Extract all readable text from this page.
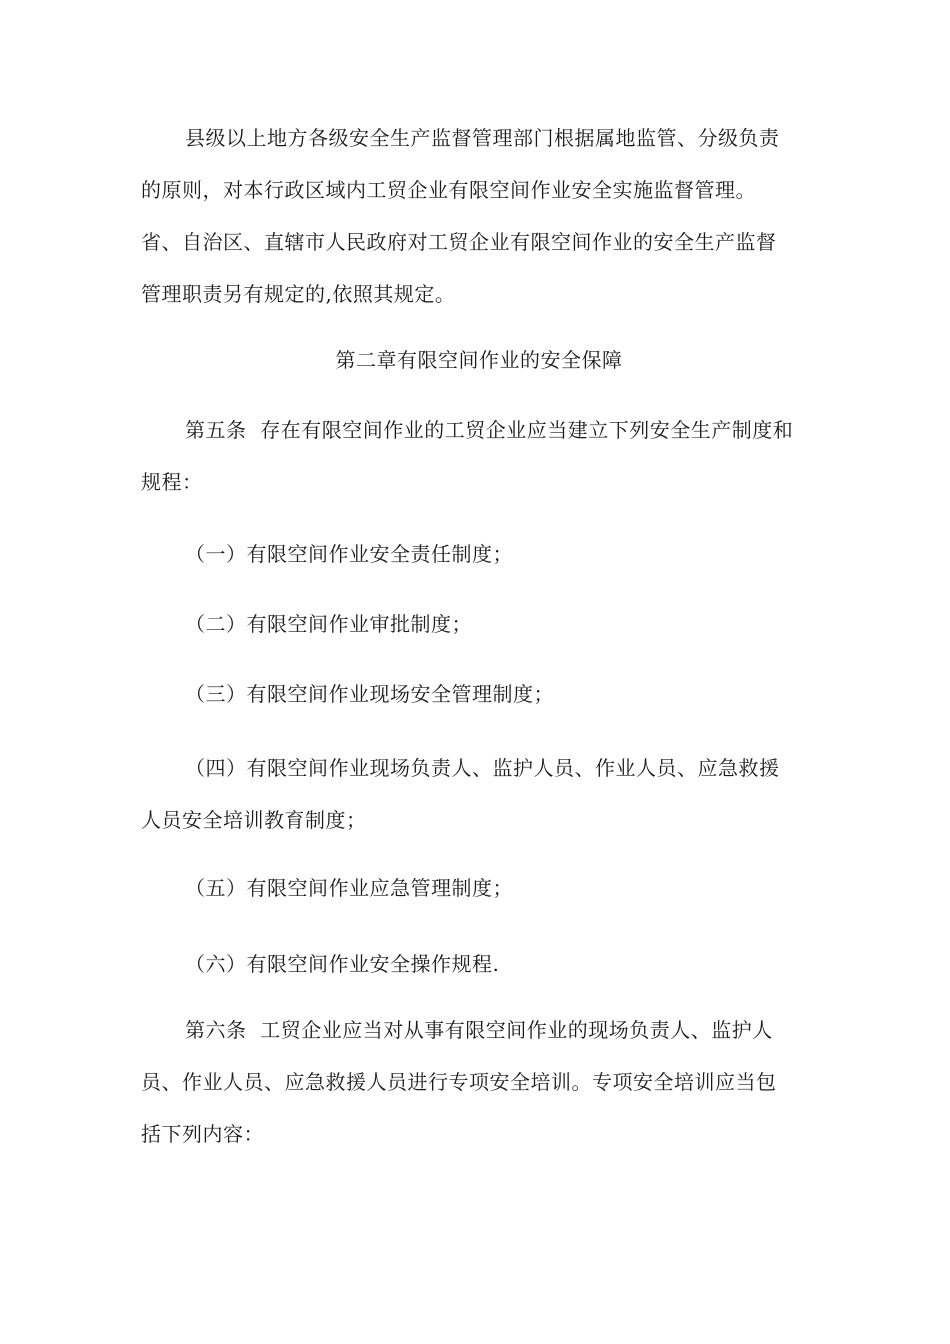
县级以上地方各级安全生产监督管理部门根据属地监管、分级负责
的原则，对本行政区域内工贸企业有限空间作业安全实施监督管理。
省、自治区、直辖市人民政府对工贸企业有限空间作业的安全生产监督
管理职责另有规定的,依照其规定。

第二章有限空间作业的安全保障

第五条  存在有限空间作业的工贸企业应当建立下列安全生产制度和
规程：

（一）有限空间作业安全责任制度；

（二）有限空间作业审批制度；

（三）有限空间作业现场安全管理制度；

（四）有限空间作业现场负责人、监护人员、作业人员、应急救援
人员安全培训教育制度；

（五）有限空间作业应急管理制度；

（六）有限空间作业安全操作规程.

第六条  工贸企业应当对从事有限空间作业的现场负责人、监护人
员、作业人员、应急救援人员进行专项安全培训。专项安全培训应当包
括下列内容：
